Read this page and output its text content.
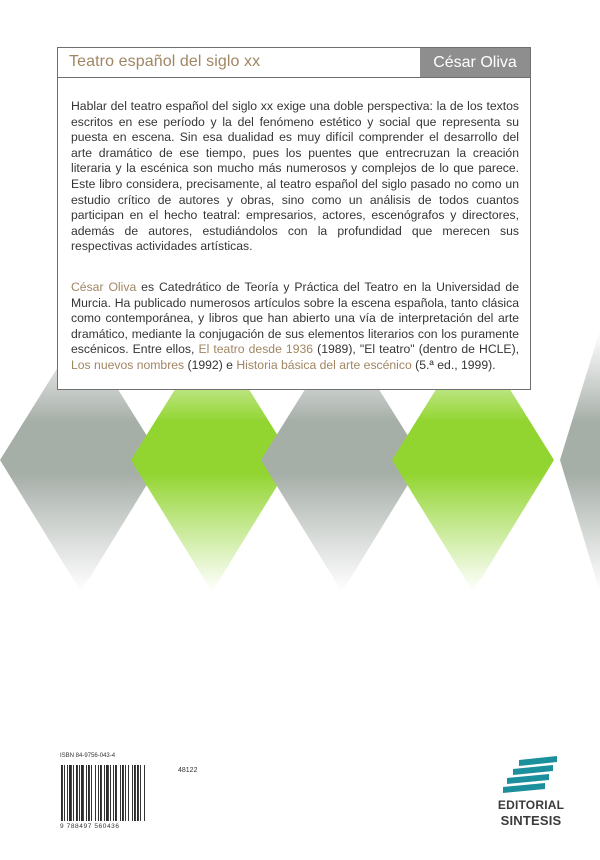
Teatro español del siglo xx	César Oliva

Hablar del teatro español del siglo xx exige una doble perspectiva: la de los textos escritos en ese período y la del fenómeno estético y social que representa su puesta en escena. Sin esa dualidad es muy difícil comprender el desarrollo del arte dramático de ese tiempo, pues los puentes que entrecruzan la creación literaria y la escénica son mucho más numerosos y complejos de lo que parece. Este libro considera, precisamente, al teatro español del siglo pasado no como un estudio crítico de autores y obras, sino como un análisis de todos cuantos participan en el hecho teatral: empresarios, actores, escenógrafos y directores, además de autores, estudiándolos con la profundidad que merecen sus respectivas actividades artísticas.

César Oliva es Catedrático de Teoría y Práctica del Teatro en la Universidad de Murcia. Ha publicado numerosos artículos sobre la escena española, tanto clásica como contemporánea, y libros que han abierto una vía de interpretación del arte dramático, mediante la conjugación de sus elementos literarios con los puramente escénicos. Entre ellos, El teatro desde 1936 (1989), "El teatro" (dentro de HCLE), Los nuevos nombres (1992) e Historia básica del arte escénico (5.ª ed., 1999).

ISBN 84-9756-043-4
48122
9 788497 560436
EDITORIAL
SINTESIS
